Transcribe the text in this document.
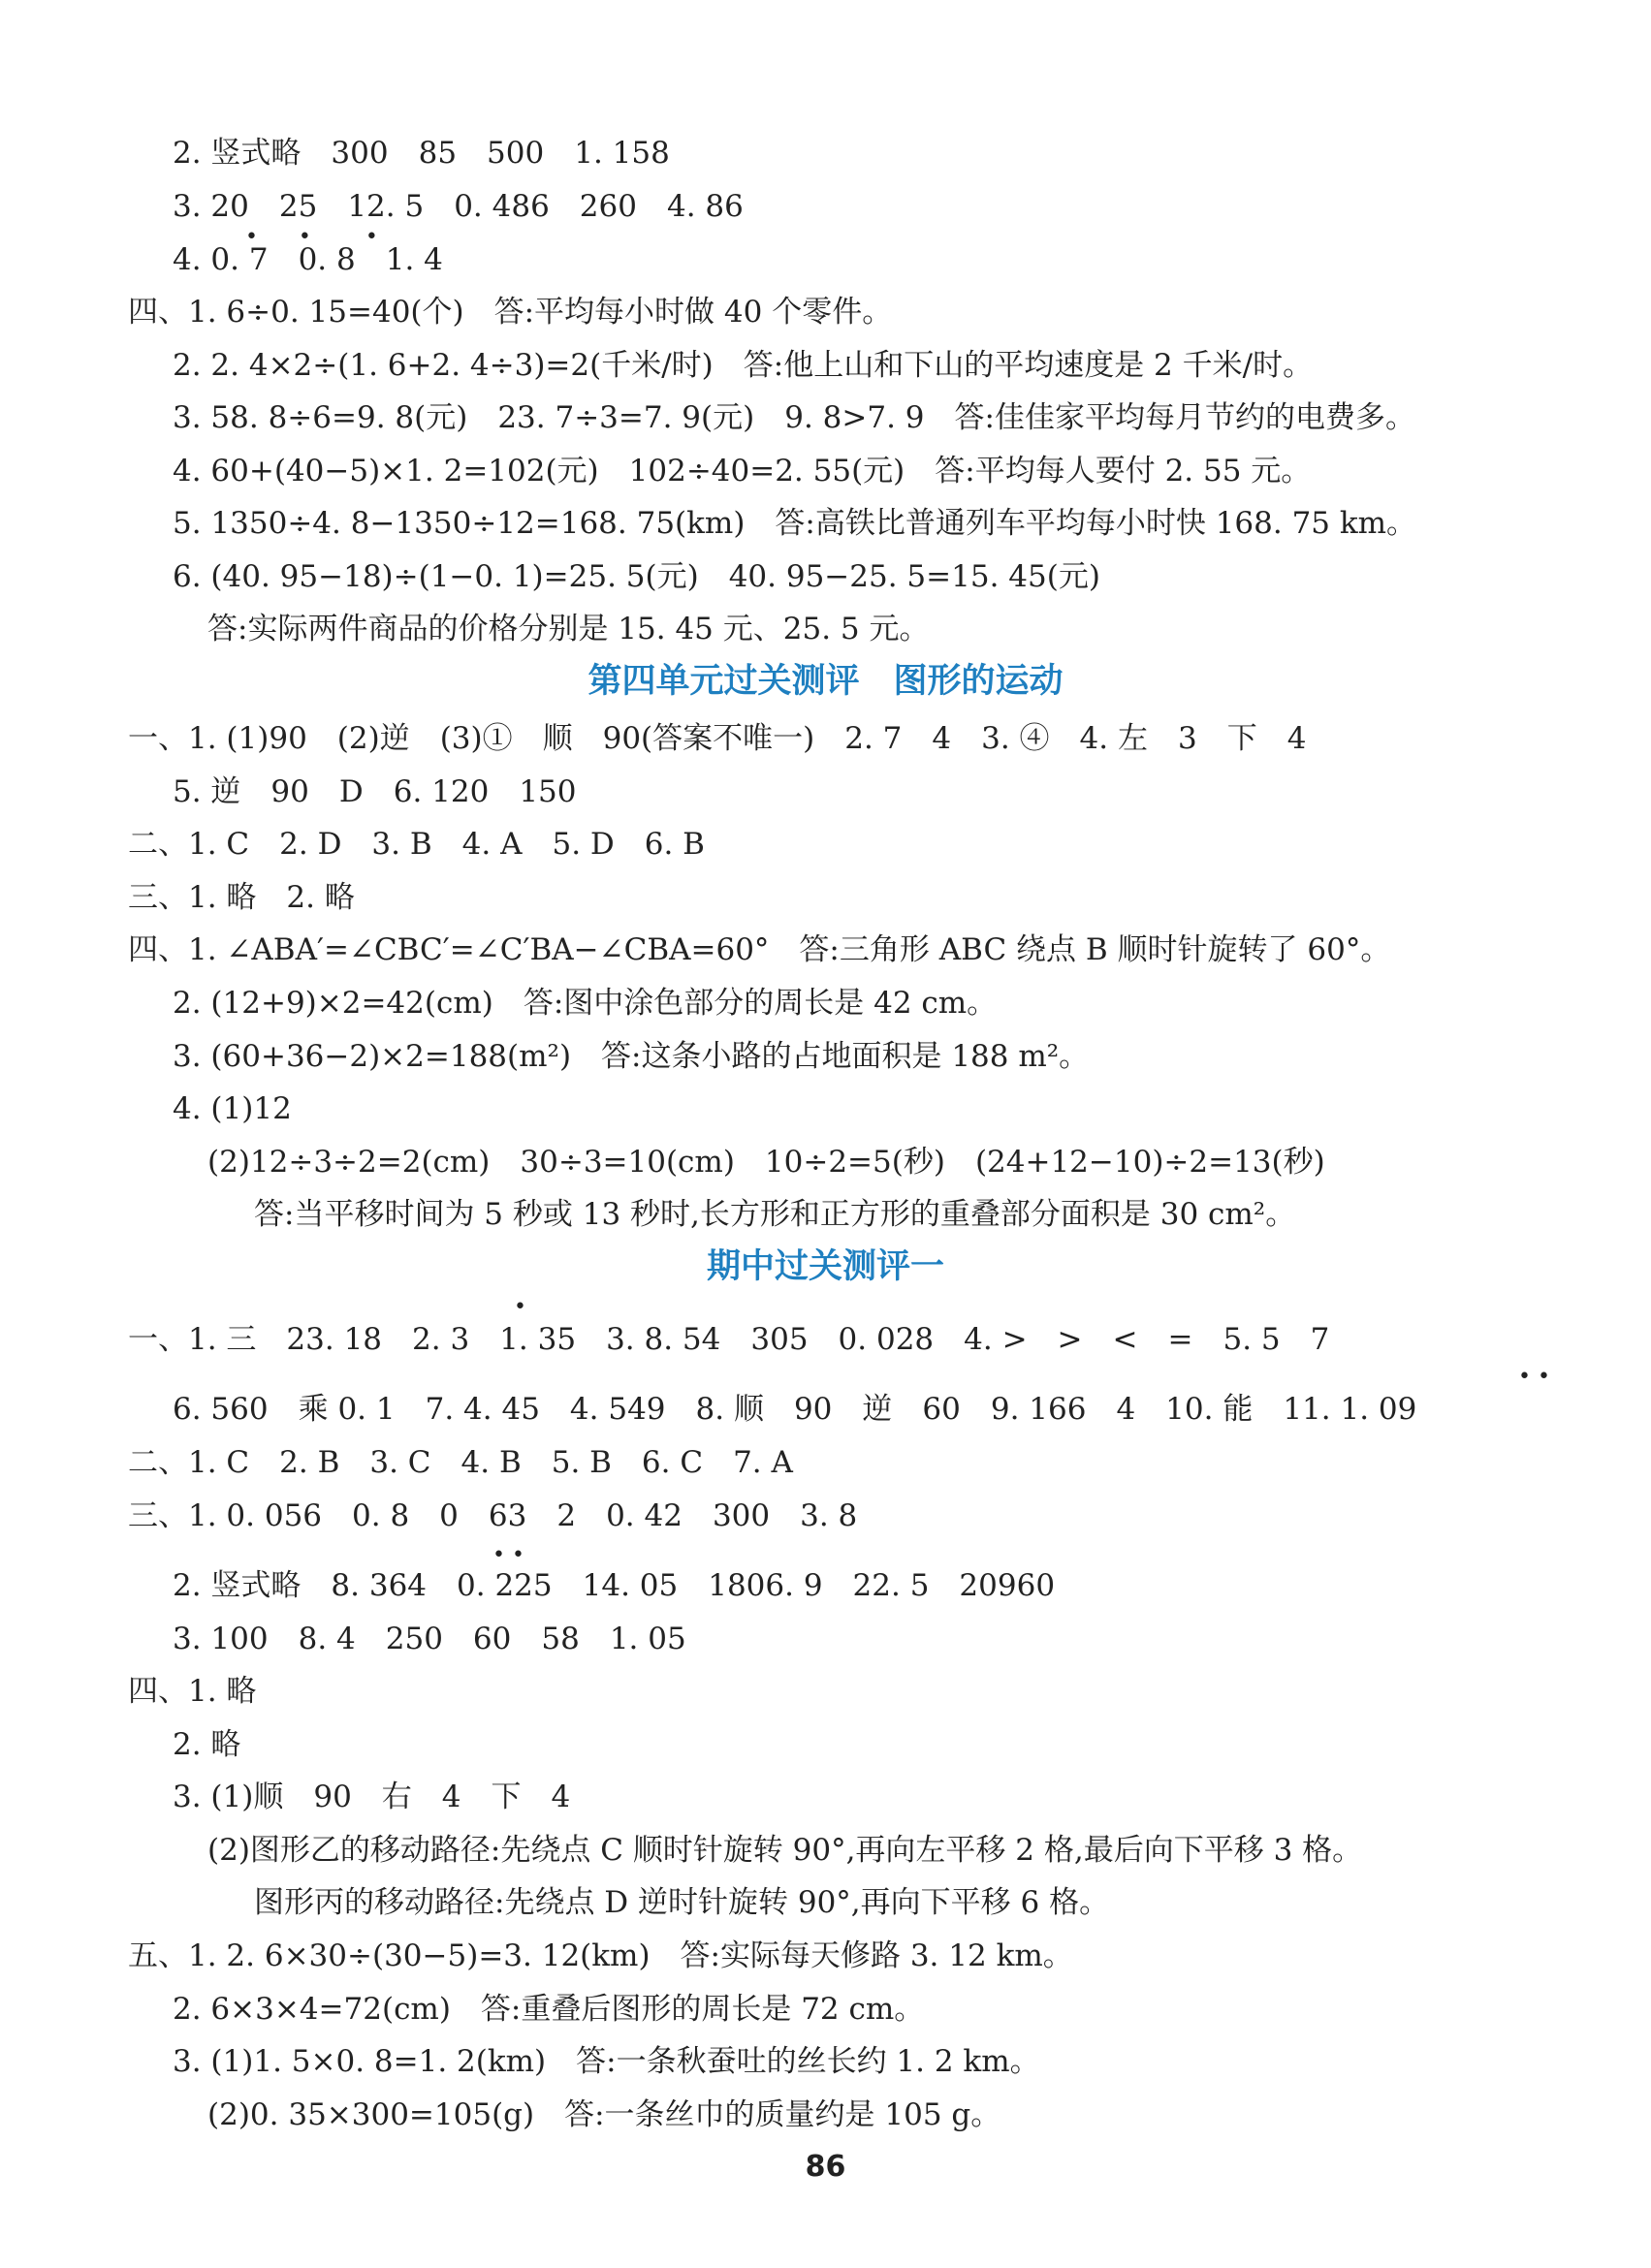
2. 竖式略　300　85　500　1. 158
3. 20　25　12. 5　0. 486　260　4. 86
•      •        •
4. 0. 7　0. 8　1. 4
四、1. 6÷0. 15=40(个)　答:平均每小时做 40 个零件。
2. 2. 4×2÷(1. 6+2. 4÷3)=2(千米/时)　答:他上山和下山的平均速度是 2 千米/时。
3. 58. 8÷6=9. 8(元)　23. 7÷3=7. 9(元)　9. 8>7. 9　答:佳佳家平均每月节约的电费多。
4. 60+(40−5)×1. 2=102(元)　102÷40=2. 55(元)　答:平均每人要付 2. 55 元。
5. 1350÷4. 8−1350÷12=168. 75(km)　答:高铁比普通列车平均每小时快 168. 75 km。
6. (40. 95−18)÷(1−0. 1)=25. 5(元)　40. 95−25. 5=15. 45(元)
答:实际两件商品的价格分别是 15. 45 元、25. 5 元。
第四单元过关测评　图形的运动
一、1. (1)90　(2)逆　(3)①　顺　90(答案不唯一)　2. 7　4　3. ④　4. 左　3　下　4
5. 逆　90　D　6. 120　150
二、1. C　2. D　3. B　4. A　5. D　6. B
三、1. 略　2. 略
四、1. ∠ABA′=∠CBC′=∠C′BA−∠CBA=60°　答:三角形 ABC 绕点 B 顺时针旋转了 60°。
2. (12+9)×2=42(cm)　答:图中涂色部分的周长是 42 cm。
3. (60+36−2)×2=188(m²)　答:这条小路的占地面积是 188 m²。
4. (1)12
(2)12÷3÷2=2(cm)　30÷3=10(cm)　10÷2=5(秒)　(24+12−10)÷2=13(秒)
答:当平移时间为 5 秒或 13 秒时,长方形和正方形的重叠部分面积是 30 cm²。
期中过关测评一
•
一、1. 三　23. 18　2. 3　1. 35　3. 8. 54　305　0. 028　4. >　>　<　=　5. 5　7
• •
6. 560　乘 0. 1　7. 4. 45　4. 549　8. 顺　90　逆　60　9. 166　4　10. 能　11. 1. 09
二、1. C　2. B　3. C　4. B　5. B　6. C　7. A
三、1. 0. 056　0. 8　0　63　2　0. 42　300　3. 8
• •
2. 竖式略　8. 364　0. 225　14. 05　1806. 9　22. 5　20960
3. 100　8. 4　250　60　58　1. 05
四、1. 略
2. 略
3. (1)顺　90　右　4　下　4
(2)图形乙的移动路径:先绕点 C 顺时针旋转 90°,再向左平移 2 格,最后向下平移 3 格。
图形丙的移动路径:先绕点 D 逆时针旋转 90°,再向下平移 6 格。
五、1. 2. 6×30÷(30−5)=3. 12(km)　答:实际每天修路 3. 12 km。
2. 6×3×4=72(cm)　答:重叠后图形的周长是 72 cm。
3. (1)1. 5×0. 8=1. 2(km)　答:一条秋蚕吐的丝长约 1. 2 km。
(2)0. 35×300=105(g)　答:一条丝巾的质量约是 105 g。
86
